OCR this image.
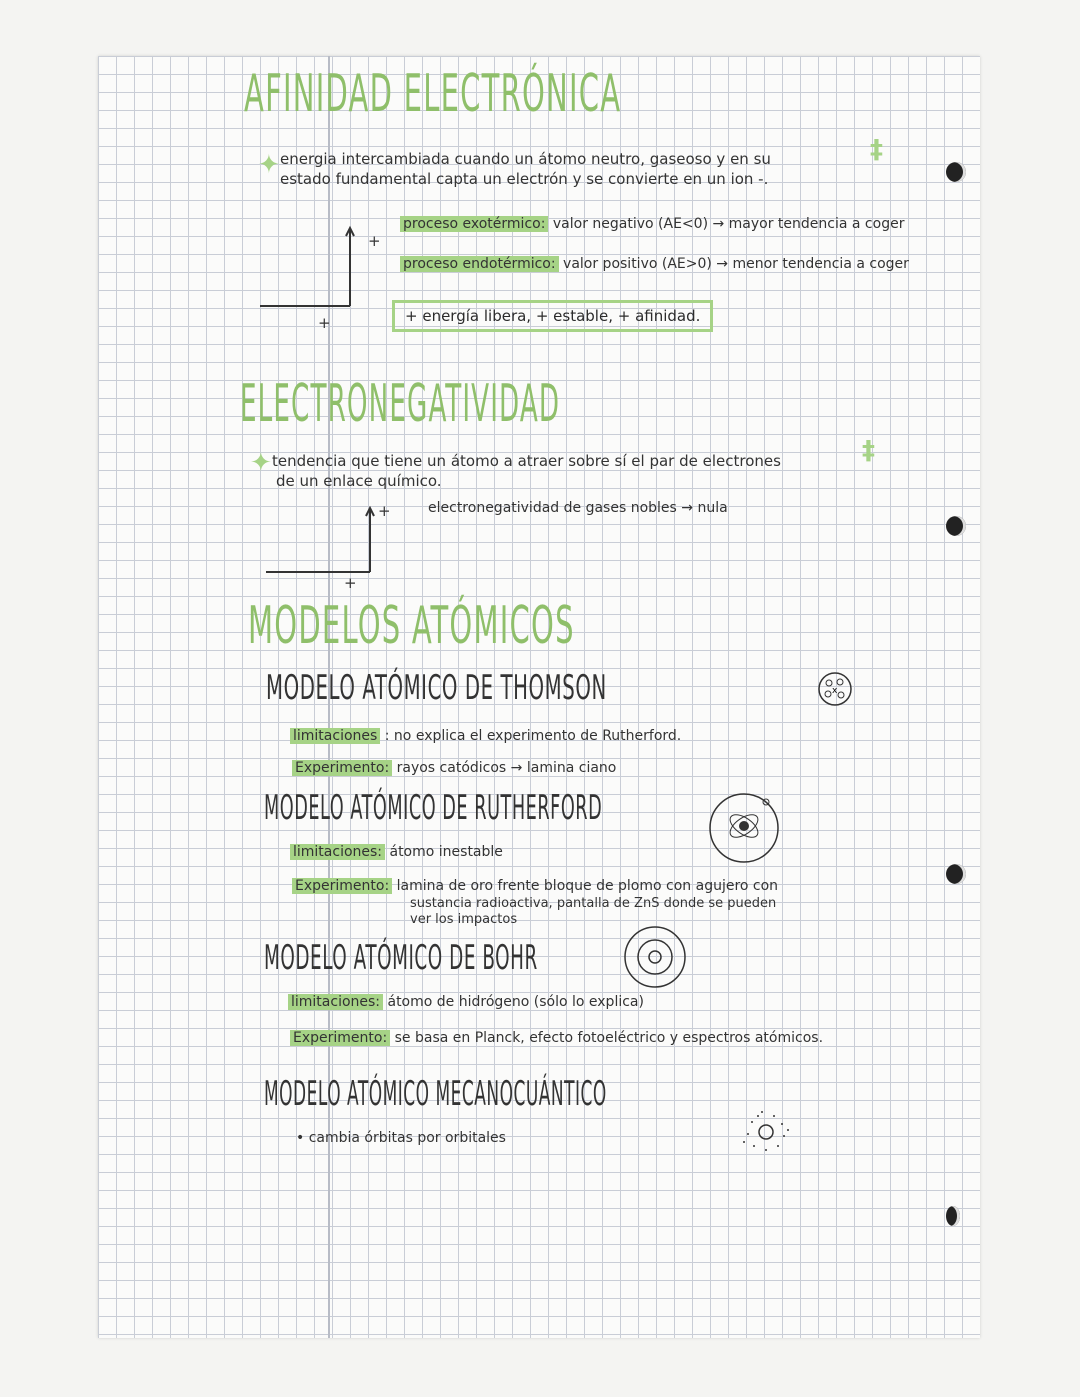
AFINIDAD ELECTRÓNICA
✦ energia intercambiada cuando un átomo neutro, gaseoso y en su
estado fundamental capta un electrón y se convierte en un ion -.
‡
+
+
proceso exotérmico: valor negativo (AE<0) → mayor tendencia a coger
proceso endotérmico: valor positivo (AE>0) → menor tendencia a coger
+ energía libera, + estable, + afinidad.
ELECTRONEGATIVIDAD
✦ tendencia que tiene un átomo a atraer sobre sí el par de electrones
de un enlace químico.
‡
+
+
electronegatividad de gases nobles → nula
MODELOS ATÓMICOS
MODELO ATÓMICO DE THOMSON	x
limitaciones : no explica el experimento de Rutherford.
Experimento: rayos catódicos → lamina ciano
MODELO ATÓMICO DE RUTHERFORD
limitaciones: átomo inestable
Experimento: lamina de oro frente bloque de plomo con agujero con
sustancia radioactiva, pantalla de ZnS donde se pueden
ver los impactos
MODELO ATÓMICO DE BOHR
limitaciones: átomo de hidrógeno (sólo lo explica)
Experimento: se basa en Planck, efecto fotoeléctrico y espectros atómicos.
MODELO ATÓMICO MECANOCUÁNTICO
• cambia órbitas por orbitales
